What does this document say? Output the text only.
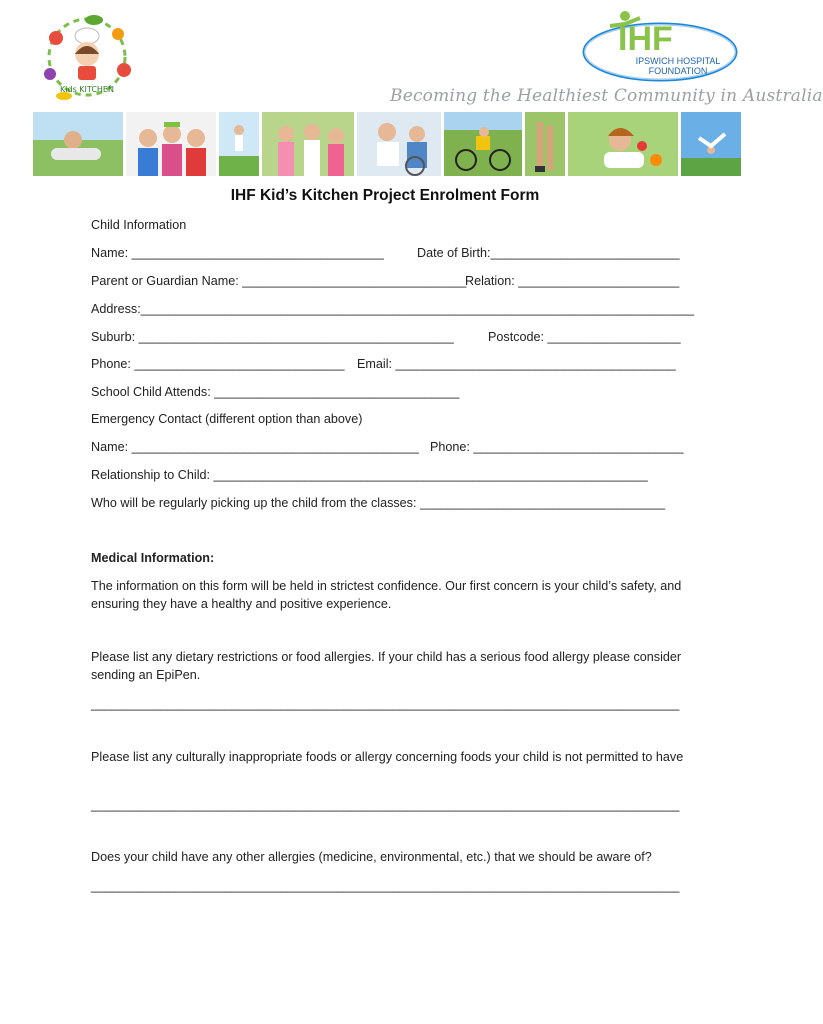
Kids KITCHEN
IHF
IPSWICH HOSPITAL
FOUNDATION
Becoming the Healthiest Community in Australia
IHF Kid’s Kitchen Project Enrolment Form
Child Information
Name: ____________________________________	Date of Birth:___________________________
Parent or Guardian Name: ________________________________
Relation: _______________________
Address:_______________________________________________________________________________
Suburb: _____________________________________________	Postcode: ___________________
Phone: ______________________________ Email: ________________________________________
School Child Attends: ___________________________________
Emergency Contact (different option than above)
Name: _________________________________________ Phone: ______________________________
Relationship to Child: ______________________________________________________________
Who will be regularly picking up the child from the classes: ___________________________________
Medical Information:
The information on this form will be held in strictest confidence. Our first concern is your child’s safety, and ensuring they have a healthy and positive experience.
Please list any dietary restrictions or food allergies. If your child has a serious food allergy please consider sending an EpiPen.
____________________________________________________________________________________
Please list any culturally inappropriate foods or allergy concerning foods your child is not permitted to have
____________________________________________________________________________________
Does your child have any other allergies (medicine, environmental, etc.) that we should be aware of?
____________________________________________________________________________________
